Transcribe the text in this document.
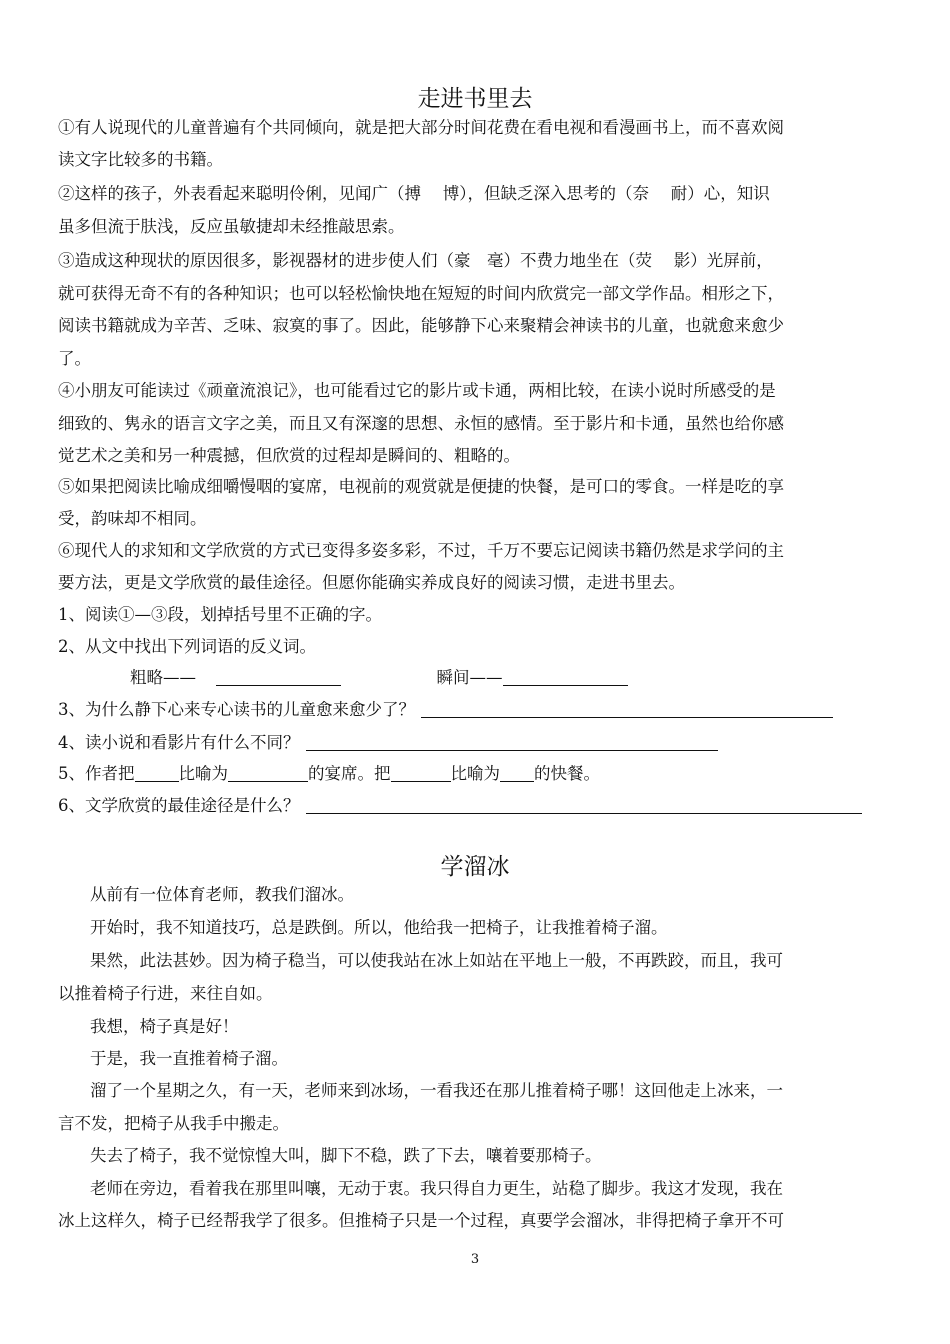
走进书里去
①有人说现代的儿童普遍有个共同倾向，就是把大部分时间花费在看电视和看漫画书上，而不喜欢阅
读文字比较多的书籍。
②这样的孩子，外表看起来聪明伶俐，见闻广（搏　 博），但缺乏深入思考的（奈　 耐）心，知识
虽多但流于肤浅，反应虽敏捷却未经推敲思索。
③造成这种现状的原因很多，影视器材的进步使人们（豪　毫）不费力地坐在（荧　 影）光屏前，
就可获得无奇不有的各种知识；也可以轻松愉快地在短短的时间内欣赏完一部文学作品。相形之下，
阅读书籍就成为辛苦、乏味、寂寞的事了。因此，能够静下心来聚精会神读书的儿童，也就愈来愈少
了。
④小朋友可能读过《顽童流浪记》，也可能看过它的影片或卡通，两相比较，在读小说时所感受的是
细致的、隽永的语言文字之美，而且又有深邃的思想、永恒的感情。至于影片和卡通，虽然也给你感
觉艺术之美和另一种震撼，但欣赏的过程却是瞬间的、粗略的。
⑤如果把阅读比喻成细嚼慢咽的宴席，电视前的观赏就是便捷的快餐，是可口的零食。一样是吃的享
受，韵味却不相同。
⑥现代人的求知和文学欣赏的方式已变得多姿多彩，不过，千万不要忘记阅读书籍仍然是求学问的主
要方法，更是文学欣赏的最佳途径。但愿你能确实养成良好的阅读习惯，走进书里去。
1、阅读①—③段，划掉括号里不正确的字。
2、从文中找出下列词语的反义词。
粗略——	瞬间——
3、为什么静下心来专心读书的儿童愈来愈少了？
4、读小说和看影片有什么不同？
5、作者把	比喻为	的宴席。把	比喻为 的快餐。
6、文学欣赏的最佳途径是什么？
学溜冰
从前有一位体育老师，教我们溜冰。
开始时，我不知道技巧，总是跌倒。所以，他给我一把椅子，让我推着椅子溜。
果然，此法甚妙。因为椅子稳当，可以使我站在冰上如站在平地上一般，不再跌跤，而且，我可
以推着椅子行进，来往自如。
我想，椅子真是好！
于是，我一直推着椅子溜。
溜了一个星期之久，有一天，老师来到冰场，一看我还在那儿推着椅子哪！这回他走上冰来，一
言不发，把椅子从我手中搬走。
失去了椅子，我不觉惊惶大叫，脚下不稳，跌了下去，嚷着要那椅子。
老师在旁边，看着我在那里叫嚷，无动于衷。我只得自力更生，站稳了脚步。我这才发现，我在
冰上这样久，椅子已经帮我学了很多。但推椅子只是一个过程，真要学会溜冰，非得把椅子拿开不可
3
